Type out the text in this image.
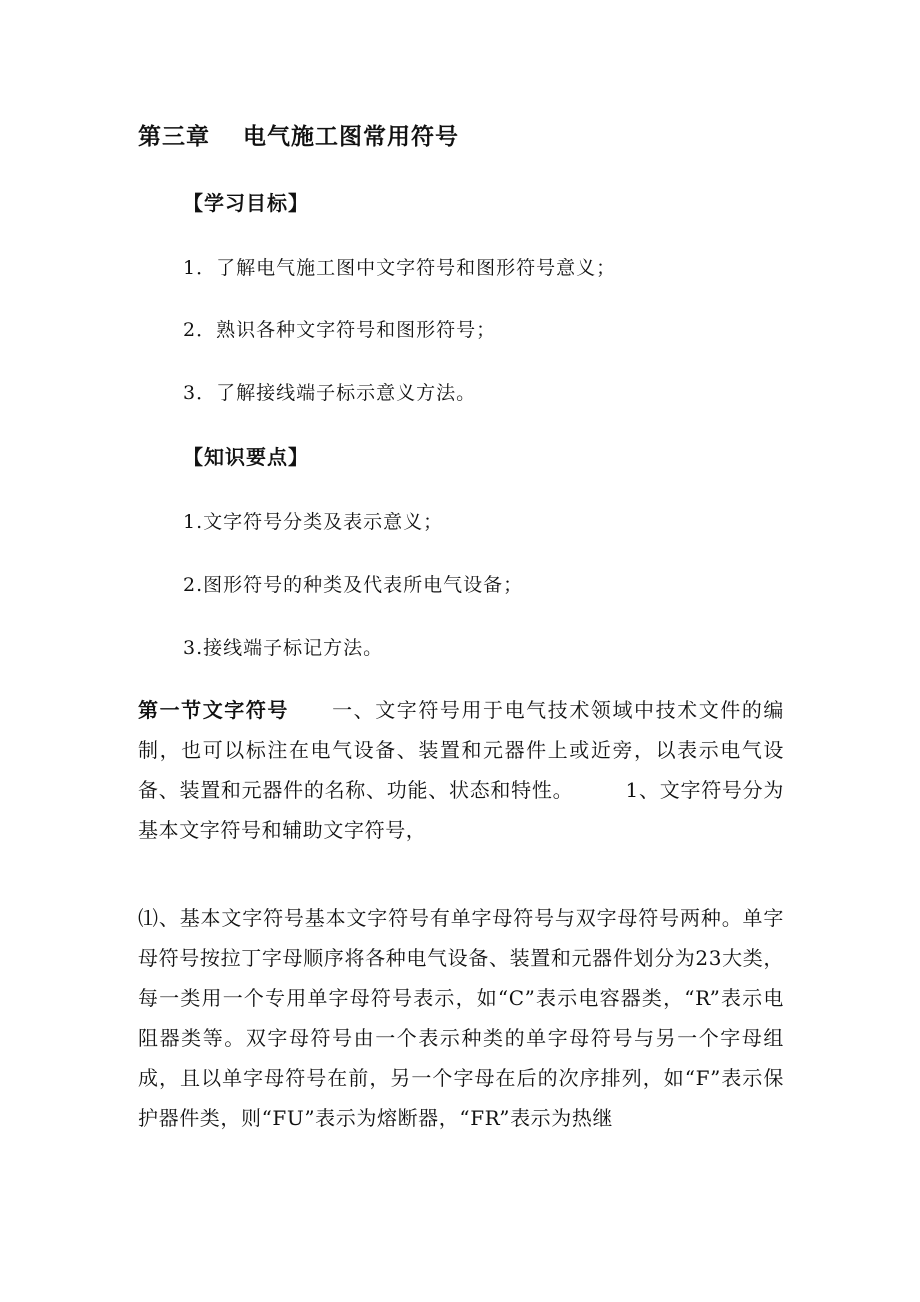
第三章　 电气施工图常用符号
【学习目标】
1．了解电气施工图中文字符号和图形符号意义；
2．熟识各种文字符号和图形符号；
3．了解接线端子标示意义方法。
【知识要点】
1.文字符号分类及表示意义；
2.图形符号的种类及代表所电气设备；
3.接线端子标记方法。
第一节文字符号　　一、文字符号用于电气技术领域中技术文件的编制，也可以标注在电气设备、装置和元器件上或近旁，以表示电气设备、装置和元器件的名称、功能、状态和特性。　　　1、文字符号分为基本文字符号和辅助文字符号，
⑴、基本文字符号基本文字符号有单字母符号与双字母符号两种。单字母符号按拉丁字母顺序将各种电气设备、装置和元器件划分为23大类，每一类用一个专用单字母符号表示，如“C”表示电容器类，“R”表示电阻器类等。双字母符号由一个表示种类的单字母符号与另一个字母组成，且以单字母符号在前，另一个字母在后的次序排列，如“F”表示保护器件类，则“FU”表示为熔断器，“FR”表示为热继
